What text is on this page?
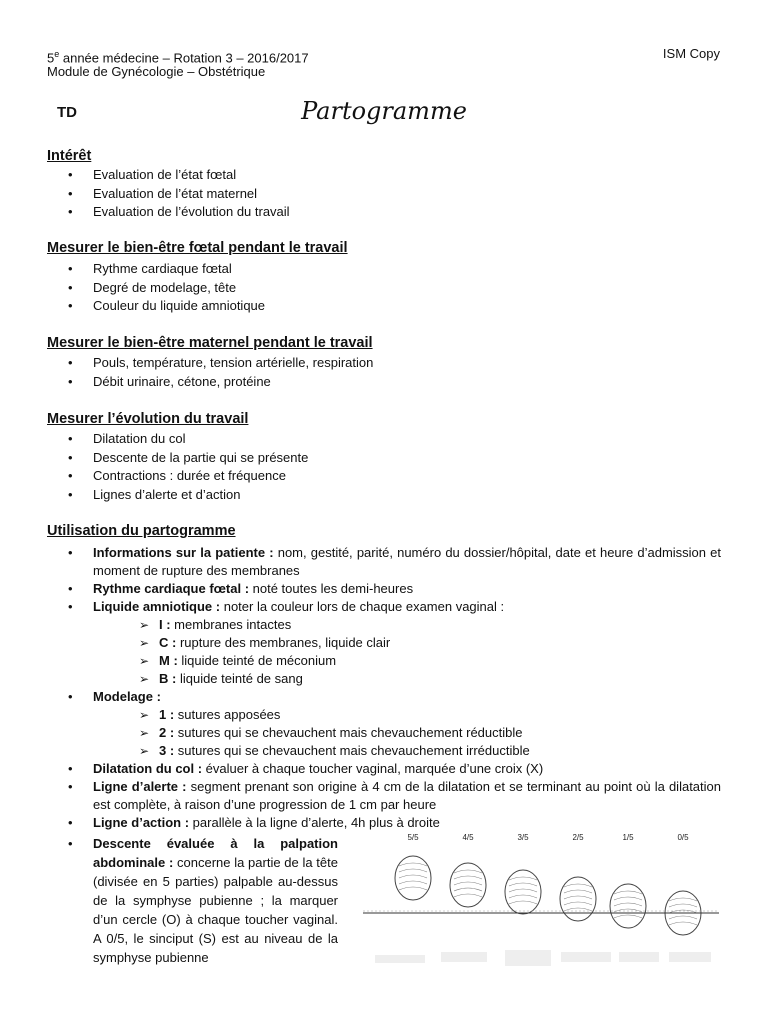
5e année médecine – Rotation 3 – 2016/2017
Module de Gynécologie – Obstétrique
ISM Copy
TD	Partogramme
Intérêt
• Evaluation de l’état fœtal
• Evaluation de l’état maternel
• Evaluation de l’évolution du travail
Mesurer le bien-être fœtal pendant le travail
• Rythme cardiaque fœtal
• Degré de modelage, tête
• Couleur du liquide amniotique
Mesurer le bien-être maternel pendant le travail
• Pouls, température, tension artérielle, respiration
• Débit urinaire, cétone, protéine
Mesurer l’évolution du travail
• Dilatation du col
• Descente de la partie qui se présente
• Contractions : durée et fréquence
• Lignes d’alerte et d’action
Utilisation du partogramme
• Informations sur la patiente : nom, gestité, parité, numéro du dossier/hôpital, date et heure d’admission et moment de rupture des membranes
• Rythme cardiaque fœtal : noté toutes les demi-heures
• Liquide amniotique : noter la couleur lors de chaque examen vaginal :
➢ I : membranes intactes
➢ C : rupture des membranes, liquide clair
➢ M : liquide teinté de méconium
➢ B : liquide teinté de sang
• Modelage :
➢ 1 : sutures apposées
➢ 2 : sutures qui se chevauchent mais chevauchement réductible
➢ 3 : sutures qui se chevauchent mais chevauchement irréductible
• Dilatation du col : évaluer à chaque toucher vaginal, marquée d’une croix (X)
• Ligne d’alerte : segment prenant son origine à 4 cm de la dilatation et se terminant au point où la dilatation est complète, à raison d’une progression de 1 cm par heure
• Ligne d’action : parallèle à la ligne d’alerte, 4h plus à droite
• Descente évaluée à la palpation abdominale : concerne la partie de la tête (divisée en 5 parties) palpable au-dessus de la symphyse pubienne ; la marquer d’un cercle (O) à chaque toucher vaginal. A 0/5, le sinciput (S) est au niveau de la symphyse pubienne
5/5	4/5	3/5	2/5	1/5	0/5
